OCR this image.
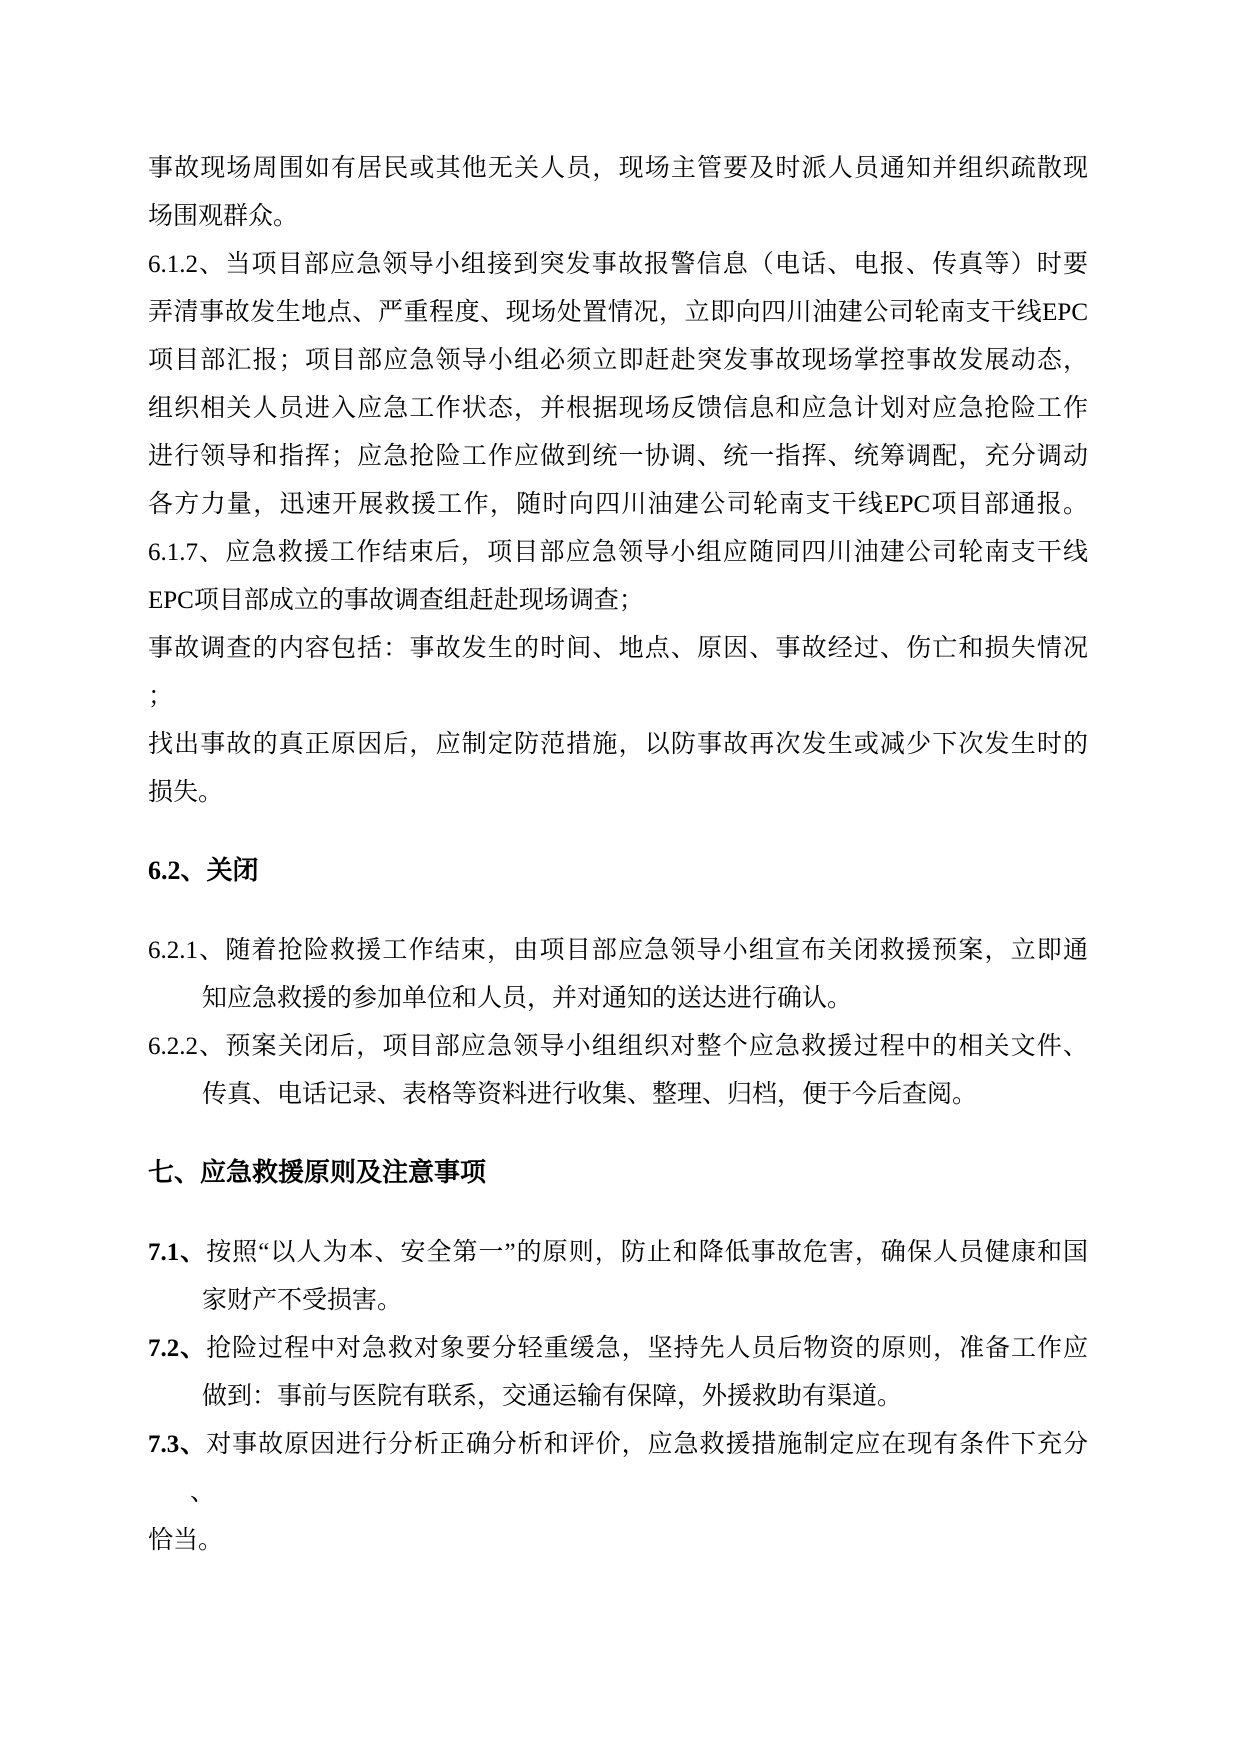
事故现场周围如有居民或其他无关人员，现场主管要及时派人员通知并组织疏散现
场围观群众。
6.1.2、当项目部应急领导小组接到突发事故报警信息（电话、电报、传真等）时要
弄清事故发生地点、严重程度、现场处置情况，立即向四川油建公司轮南支干线EPC
项目部汇报；项目部应急领导小组必须立即赶赴突发事故现场掌控事故发展动态，
组织相关人员进入应急工作状态，并根据现场反馈信息和应急计划对应急抢险工作
进行领导和指挥；应急抢险工作应做到统一协调、统一指挥、统筹调配，充分调动
各方力量，迅速开展救援工作，随时向四川油建公司轮南支干线EPC项目部通报。
6.1.7、应急救援工作结束后，项目部应急领导小组应随同四川油建公司轮南支干线
EPC项目部成立的事故调查组赶赴现场调查；
事故调查的内容包括：事故发生的时间、地点、原因、事故经过、伤亡和损失情况
；
找出事故的真正原因后，应制定防范措施，以防事故再次发生或减少下次发生时的
损失。
6.2、关闭
6.2.1、随着抢险救援工作结束，由项目部应急领导小组宣布关闭救援预案，立即通
知应急救援的参加单位和人员，并对通知的送达进行确认。
6.2.2、预案关闭后，项目部应急领导小组组织对整个应急救援过程中的相关文件、
传真、电话记录、表格等资料进行收集、整理、归档，便于今后查阅。
七、应急救援原则及注意事项
7.1、按照“以人为本、安全第一”的原则，防止和降低事故危害，确保人员健康和国
家财产不受损害。
7.2、抢险过程中对急救对象要分轻重缓急，坚持先人员后物资的原则，准备工作应
做到：事前与医院有联系，交通运输有保障，外援救助有渠道。
7.3、对事故原因进行分析正确分析和评价，应急救援措施制定应在现有条件下充分
、
恰当。
